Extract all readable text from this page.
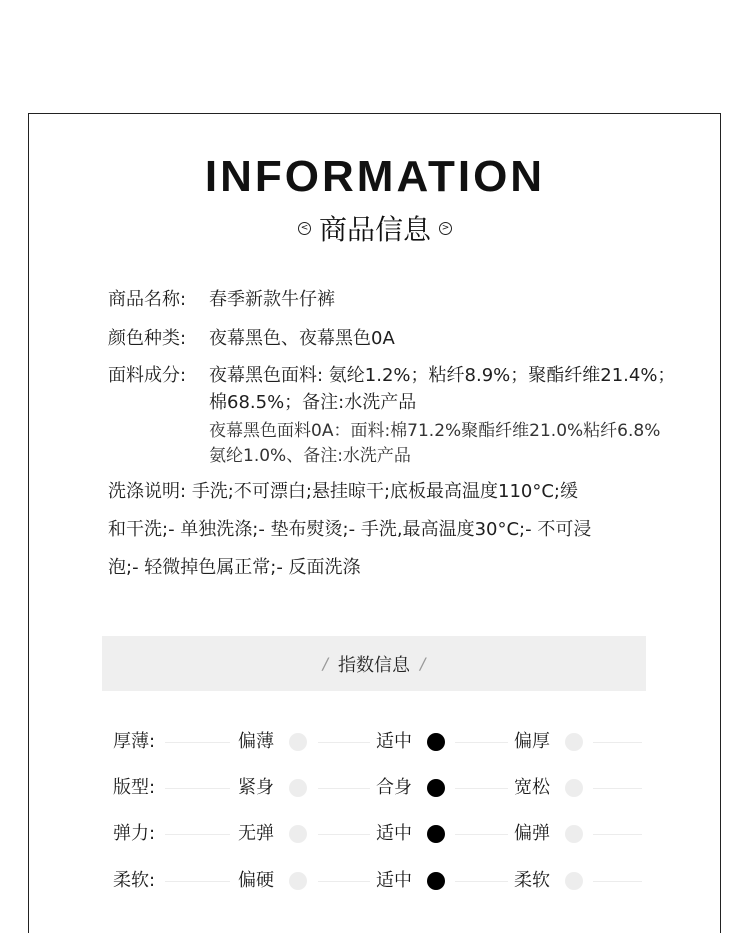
INFORMATION
< 商品信息	>
商品名称: 春季新款牛仔裤
颜色种类: 夜幕黑色、夜幕黑色0A
面料成分: 夜幕黑色面料: 氨纶1.2%；粘纤8.9%；聚酯纤维21.4%；
棉68.5%；备注:水洗产品
夜幕黑色面料0A：面料:棉71.2%聚酯纤维21.0%粘纤6.8%
氨纶1.0%、备注:水洗产品
洗涤说明: 手洗;不可漂白;悬挂晾干;底板最高温度110°C;缓
和干洗;- 单独洗涤;- 垫布熨烫;- 手洗,最高温度30°C;- 不可浸
泡;- 轻微掉色属正常;- 反面洗涤
/ 指数信息 /
厚薄:	偏薄	适中	偏厚
版型:	紧身	合身	宽松
弹力:	无弹	适中	偏弹
柔软:	偏硬	适中	柔软
